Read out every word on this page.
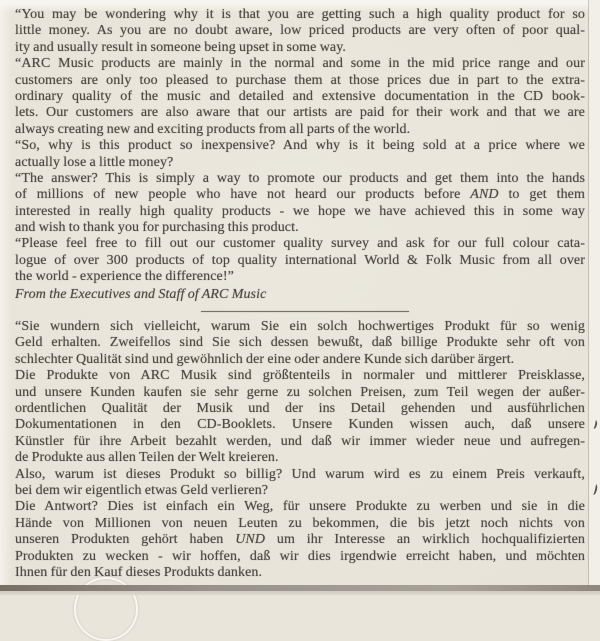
“You may be wondering why it is that you are getting such a high quality product for so
little money. As you are no doubt aware, low priced products are very often of poor qual-
ity and usually result in someone being upset in some way.
“ARC Music products are mainly in the normal and some in the mid price range and our
customers are only too pleased to purchase them at those prices due in part to the extra-
ordinary quality of the music and detailed and extensive documentation in the CD book-
lets. Our customers are also aware that our artists are paid for their work and that we are
always creating new and exciting products from all parts of the world.
“So, why is this product so inexpensive? And why is it being sold at a price where we
actually lose a little money?
“The answer? This is simply a way to promote our products and get them into the hands
of millions of new people who have not heard our products before AND to get them
interested in really high quality products - we hope we have achieved this in some way
and wish to thank you for purchasing this product.
“Please feel free to fill out our customer quality survey and ask for our full colour cata-
logue of over 300 products of top quality international World & Folk Music from all over
the world - experience the difference!”
From the Executives and Staff of ARC Music
“Sie wundern sich vielleicht, warum Sie ein solch hochwertiges Produkt für so wenig
Geld erhalten. Zweifellos sind Sie sich dessen bewußt, daß billige Produkte sehr oft von
schlechter Qualität sind und gewöhnlich der eine oder andere Kunde sich darüber ärgert.
Die Produkte von ARC Musik sind größtenteils in normaler und mittlerer Preisklasse,
und unsere Kunden kaufen sie sehr gerne zu solchen Preisen, zum Teil wegen der außer-
ordentlichen Qualität der Musik und der ins Detail gehenden und ausführlichen
Dokumentationen in den CD-Booklets. Unsere Kunden wissen auch, daß unsere
Künstler für ihre Arbeit bezahlt werden, und daß wir immer wieder neue und aufregen-
de Produkte aus allen Teilen der Welt kreieren.
Also, warum ist dieses Produkt so billig? Und warum wird es zu einem Preis verkauft,
bei dem wir eigentlich etwas Geld verlieren?
Die Antwort? Dies ist einfach ein Weg, für unsere Produkte zu werben und sie in die
Hände von Millionen von neuen Leuten zu bekommen, die bis jetzt noch nichts von
unseren Produkten gehört haben UND um ihr Interesse an wirklich hochqualifizierten
Produkten zu wecken - wir hoffen, daß wir dies irgendwie erreicht haben, und möchten
Ihnen für den Kauf dieses Produkts danken.
